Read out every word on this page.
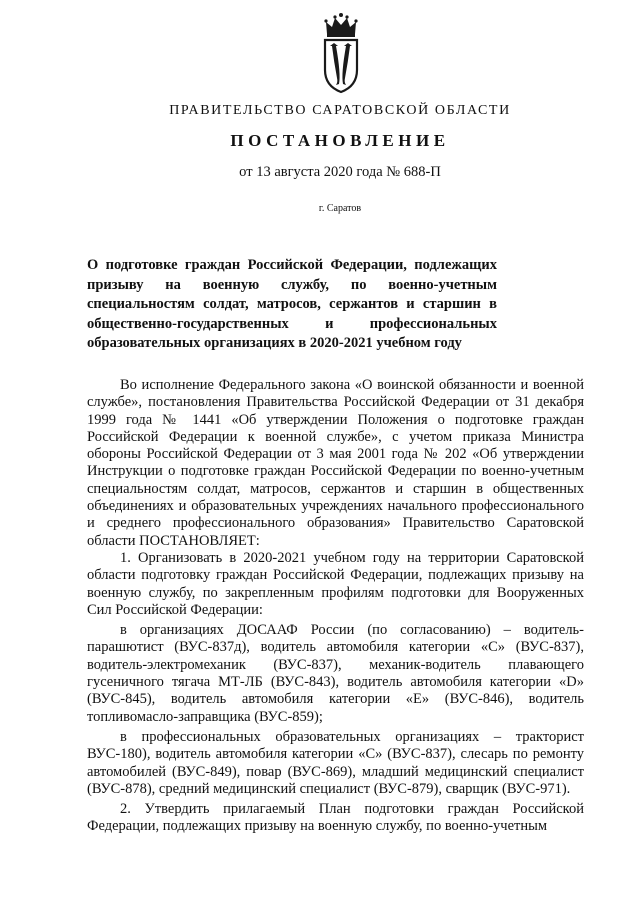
ПРАВИТЕЛЬСТВО САРАТОВСКОЙ ОБЛАСТИ
ПОСТАНОВЛЕНИЕ
от 13 августа 2020 года № 688-П
г. Саратов
О подготовке граждан Российской Федерации, подлежащих призыву на военную службу, по военно-учетным специальностям солдат, матросов, сержантов и старшин в общественно-государственных и профессиональных образовательных организациях в 2020-2021 учебном году

Во исполнение Федерального закона «О воинской обязанности и военной службе», постановления Правительства Российской Федерации от 31 декабря 1999 года № 1441 «Об утверждении Положения о подготовке граждан Российской Федерации к военной службе», с учетом приказа Министра обороны Российской Федерации от 3 мая 2001 года № 202 «Об утверждении Инструкции о подготовке граждан Российской Федерации по военно-учетным специальностям солдат, матросов, сержантов и старшин в общественных объединениях и образовательных учреждениях начального профессионального и среднего профессионального образования» Правительство Саратовской области ПОСТАНОВЛЯЕТ:

1. Организовать в 2020-2021 учебном году на территории Саратовской области подготовку граждан Российской Федерации, подлежащих призыву на военную службу, по закрепленным профилям подготовки для Вооруженных Сил Российской Федерации:

в организациях ДОСААФ России (по согласованию) – водитель-парашютист (ВУС-837д), водитель автомобиля категории «С» (ВУС-837), водитель-электромеханик (ВУС-837), механик-водитель плавающего гусеничного тягача МТ-ЛБ (ВУС-843), водитель автомобиля категории «D» (ВУС-845), водитель автомобиля категории «Е» (ВУС-846), водитель топливомасло-заправщика (ВУС-859);

в профессиональных образовательных организациях – тракторист ВУС-180), водитель автомобиля категории «С» (ВУС-837), слесарь по ремонту автомобилей (ВУС-849), повар (ВУС-869), младший медицинский специалист (ВУС-878), средний медицинский специалист (ВУС-879), сварщик (ВУС-971).

2. Утвердить прилагаемый План подготовки граждан Российской Федерации, подлежащих призыву на военную службу, по военно-учетным
